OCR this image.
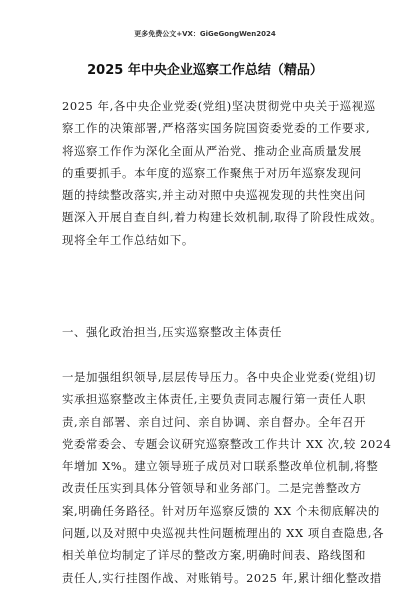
更多免费公文+VX：GiGeGongWen2024
2025 年中央企业巡察工作总结（精品）

2025 年,各中央企业党委(党组)坚决贯彻党中央关于巡视巡
察工作的决策部署,严格落实国务院国资委党委的工作要求,
将巡察工作作为深化全面从严治党、推动企业高质量发展
的重要抓手。本年度的巡察工作聚焦于对历年巡察发现问
题的持续整改落实,并主动对照中央巡视发现的共性突出问
题深入开展自查自纠,着力构建长效机制,取得了阶段性成效。
现将全年工作总结如下。

一、强化政治担当,压实巡察整改主体责任

一是加强组织领导,层层传导压力。各中央企业党委(党组)切
实承担巡察整改主体责任,主要负责同志履行第一责任人职
责,亲自部署、亲自过问、亲自协调、亲自督办。全年召开
党委常委会、专题会议研究巡察整改工作共计 XX 次,较 2024
年增加 X%。建立领导班子成员对口联系整改单位机制,将整
改责任压实到具体分管领导和业务部门。二是完善整改方
案,明确任务路径。针对历年巡察反馈的 XX 个未彻底解决的
问题,以及对照中央巡视共性问题梳理出的 XX 项自查隐患,各
相关单位均制定了详尽的整改方案,明确时间表、路线图和
责任人,实行挂图作战、对账销号。2025 年,累计细化整改措
